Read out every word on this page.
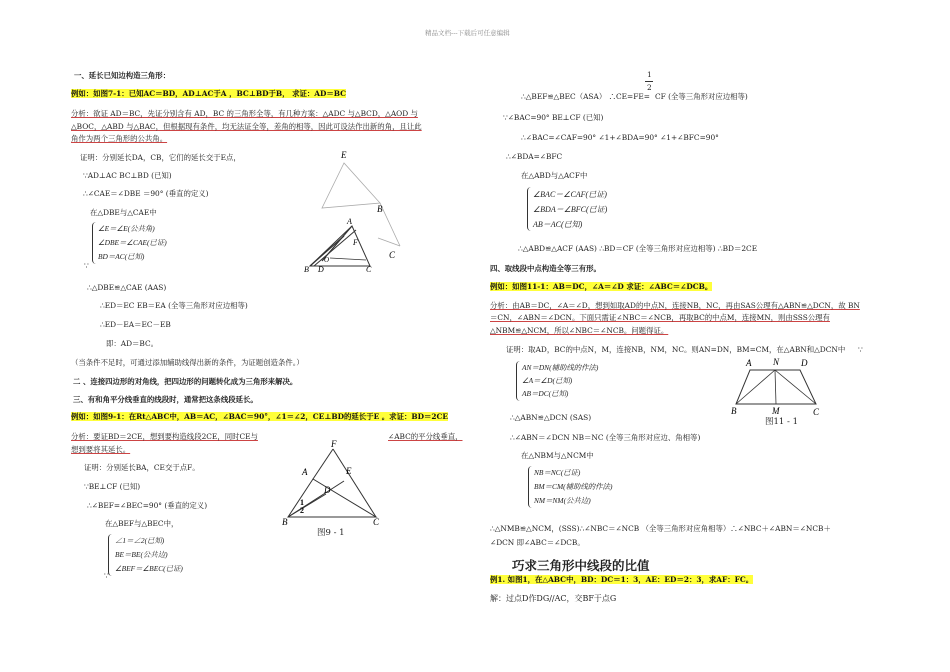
精品文档---下载后可任意编辑
一、延长已知边构造三角形：
例如：如图7-1：已知AC＝BD，AD⊥AC于A ，BC⊥BD于B， 求证：AD＝BC
分析：欲证 AD＝BC，先证分别含有 AD，BC 的三角形全等，有几种方案：△ADC 与△BCD，△AOD 与
△BOC，△ABD 与△BAC，但根据现有条件，均无法证全等，差角的相等，因此可设法作出新的角，且让此
角作为两个三角形的公共角。
证明：分别延长DA，CB，它们的延长交于E点，
∵AD⊥AC BC⊥BD (已知)
∴∠CAE＝∠DBE ＝90° (垂直的定义)
在△DBE与△CAE中
∠E＝∠E(公共角)
∠DBE＝∠CAE(已证)
BD＝AC(已知)
∵
∴△DBE≌△CAE (AAS)
∴ED＝EC EB＝EA (全等三角形对应边相等)
∴ED－EA＝EC－EB
即：AD＝BC。
（当条件不足时，可通过添加辅助线得出新的条件，为证题创造条件。）
二 、连接四边形的对角线，把四边形的问题转化成为三角形来解决。
三、有和角平分线垂直的线段时，通常把这条线段延长。
例如：如图9-1：在Rt△ABC中，AB＝AC，∠BAC＝90°，∠1＝∠2，CE⊥BD的延长于E 。求证：BD＝2CE
分析：要证BD＝2CE，想到要构造线段2CE，同时CE与	∠ABC的平分线垂直，
想到要将其延长。
证明：分别延长BA，CE交于点F。
∵BE⊥CF (已知)
∴∠BEF=∠BEC=90° (垂直的定义)
在△BEF与△BEC中，
∠1＝∠2(已知)
BE＝BE(公共边)
∠BEF＝∠BEC(已证)
∵
E
B
C
A
F
B D
O
C
F
A	E
D
B	C
1
2
图9 - 1
1
2
∴△BEF≌△BEC（ASA） ∴CE=FE= CF (全等三角形对应边相等)
∵∠BAC=90° BE⊥CF (已知)
∴∠BAC=∠CAF=90° ∠1+∠BDA=90° ∠1+∠BFC=90°
∴∠BDA=∠BFC
在△ABD与△ACF中
∠BAC＝∠CAF(已证)
∠BDA＝∠BFC(已证)
AB＝AC(已知)
∴△ABD≌△ACF (AAS) ∴BD＝CF (全等三角形对应边相等) ∴BD＝2CE
四、取线段中点构造全等三有形。
例如：如图11-1：AB＝DC，∠A＝∠D 求证：∠ABC＝∠DCB。
分析：由AB＝DC，∠A＝∠D，想到如取AD的中点N，连接NB，NC，再由SAS公理有△ABN≌△DCN，故 BN
＝CN，∠ABN＝∠DCN。下面只需证∠NBC＝∠NCB，再取BC的中点M，连接MN，则由SSS公理有
△NBM≌△NCM，所以∠NBC＝∠NCB。问题得证。
证明：取AD，BC的中点N，M，连接NB，NM，NC。则AN=DN，BM=CM，在△ABN和△DCN中 ∵
AN＝DN(辅助线的作法)
∠A＝∠D(已知)
AB＝DC(已知)
∴△ABN≌△DCN (SAS)
∴∠ABN＝∠DCN NB＝NC (全等三角形对应边、角相等)
在△NBM与△NCM中
NB＝NC(已证)
BM＝CM(辅助线的作法)
NM＝NM(公共边)
∴△NMB≌△NCM，(SSS)∴∠NBC＝∠NCB （全等三角形对应角相等）∴∠NBC＋∠ABN＝∠NCB＋
∠DCN 即∠ABC＝∠DCB。
A N D
B	M	C
图11 - 1
巧求三角形中线段的比值
例1. 如图1，在△ABC中，BD：DC＝1：3，AE：ED＝2：3，求AF：FC。
解：过点D作DG//AC，交BF于点G
